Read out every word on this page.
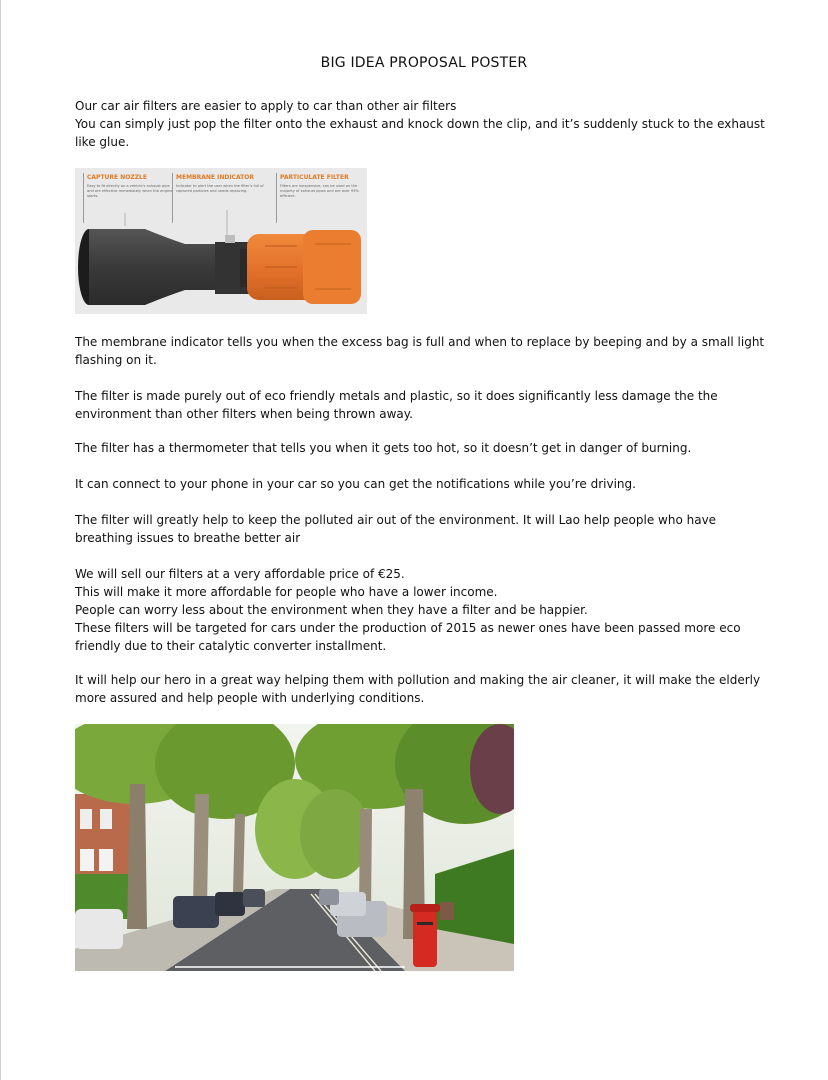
BIG IDEA PROPOSAL POSTER

Our car air filters are easier to apply to car than other air filters
You can simply just pop the filter onto the exhaust and knock down the clip, and it’s suddenly stuck to the exhaust like glue.

CAPTURE NOZZLE
Easy to fit directly on a vehicle's exhaust pipe and are effective immediately when the engine starts.
MEMBRANE INDICATOR
Indicator to alert the user when the filter's full of captured particles and needs replacing.
PARTICULATE FILTER
Filters are inexpensive, can be used on the majority of exhaust pipes and are over 99% efficient.

The membrane indicator tells you when the excess bag is full and when to replace by beeping and by a small light flashing on it.

The filter is made purely out of eco friendly metals and plastic, so it does significantly less damage the the environment than other filters when being thrown away.

The filter has a thermometer that tells you when it gets too hot, so it doesn’t get in danger of burning.

It can connect to your phone in your car so you can get the notifications while you’re driving.

The filter will greatly help to keep the polluted air out of the environment. It will Lao help people who have breathing issues to breathe better air

We will sell our filters at a very affordable price of €25.
This will make it more affordable for people who have a lower income.
People can worry less about the environment when they have a filter and be happier.
These filters will be targeted for cars under the production of 2015 as newer ones have been passed more eco friendly due to their catalytic converter installment.

It will help our hero in a great way helping them with pollution and making the air cleaner, it will make the elderly more assured and help people with underlying conditions.
